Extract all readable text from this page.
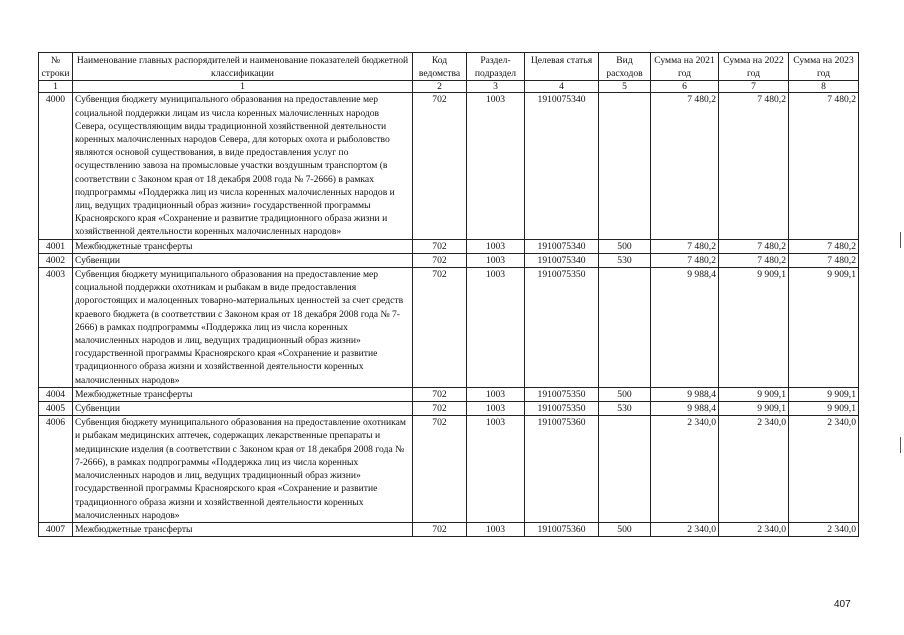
№ строки	Наименование главных распорядителей и наименование показателей бюджетной классификации	Код ведомства	Раздел-подраздел	Целевая статья	Вид расходов	Сумма на 2021 год	Сумма на 2022 год	Сумма на 2023 год
1	1	2	3	4	5	6	7	8
4000	Субвенция бюджету муниципального образования на предоставление мер социальной поддержки лицам из числа коренных малочисленных народов Севера, осуществляющим виды традиционной хозяйственной деятельности коренных малочисленных народов Севера, для которых охота и рыболовство являются основой существования, в виде предоставления услуг по осуществлению завоза на промысловые участки воздушным транспортом (в соответствии с Законом края от 18 декабря 2008 года № 7-2666) в рамках подпрограммы «Поддержка лиц из числа коренных малочисленных народов и лиц, ведущих традиционный образ жизни» государственной программы Красноярского края «Сохранение и развитие традиционного образа жизни и хозяйственной деятельности коренных малочисленных народов»	702	1003	1910075340		7 480,2	7 480,2	7 480,2
4001	Межбюджетные трансферты	702	1003	1910075340	500	7 480,2	7 480,2	7 480,2
4002	Субвенции	702	1003	1910075340	530	7 480,2	7 480,2	7 480,2
4003	Субвенция бюджету муниципального образования на предоставление мер социальной поддержки охотникам и рыбакам в виде предоставления дорогостоящих и малоценных товарно-материальных ценностей за счет средств краевого бюджета (в соответствии с Законом края от 18 декабря 2008 года № 7-2666) в рамках подпрограммы «Поддержка лиц из числа коренных малочисленных народов и лиц, ведущих традиционный образ жизни» государственной программы Красноярского края «Сохранение и развитие традиционного образа жизни и хозяйственной деятельности коренных малочисленных народов»	702	1003	1910075350		9 988,4	9 909,1	9 909,1
4004	Межбюджетные трансферты	702	1003	1910075350	500	9 988,4	9 909,1	9 909,1
4005	Субвенции	702	1003	1910075350	530	9 988,4	9 909,1	9 909,1
4006	Субвенция бюджету муниципального образования на предоставление охотникам и рыбакам медицинских аптечек, содержащих лекарственные препараты и медицинские изделия (в соответствии с Законом края от 18 декабря 2008 года № 7-2666), в рамках подпрограммы «Поддержка лиц из числа коренных малочисленных народов и лиц, ведущих традиционный образ жизни» государственной программы Красноярского края «Сохранение и развитие традиционного образа жизни и хозяйственной деятельности коренных малочисленных народов»	702	1003	1910075360		2 340,0	2 340,0	2 340,0
4007	Межбюджетные трансферты	702	1003	1910075360	500	2 340,0	2 340,0	2 340,0
407
